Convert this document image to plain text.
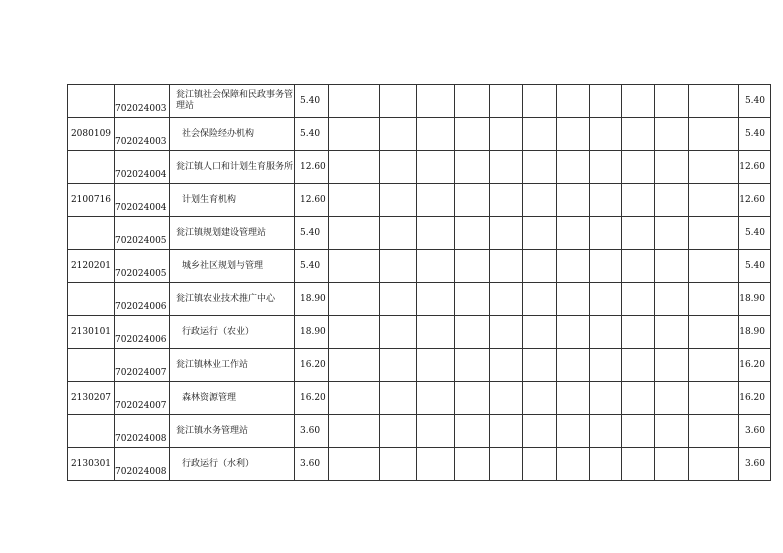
	702024003	瓮江镇社会保障和民政事务管理站	5.40												5.40
2080109	702024003	社会保险经办机构	5.40												5.40
	702024004	瓮江镇人口和计划生育服务所	12.60												12.60
2100716	702024004	计划生育机构	12.60												12.60
	702024005	瓮江镇规划建设管理站	5.40												5.40
2120201	702024005	城乡社区规划与管理	5.40												5.40
	702024006	瓮江镇农业技术推广中心	18.90												18.90
2130101	702024006	行政运行（农业）	18.90												18.90
	702024007	瓮江镇林业工作站	16.20												16.20
2130207	702024007	森林资源管理	16.20												16.20
	702024008	瓮江镇水务管理站	3.60												3.60
2130301	702024008	行政运行（水利）	3.60												3.60
